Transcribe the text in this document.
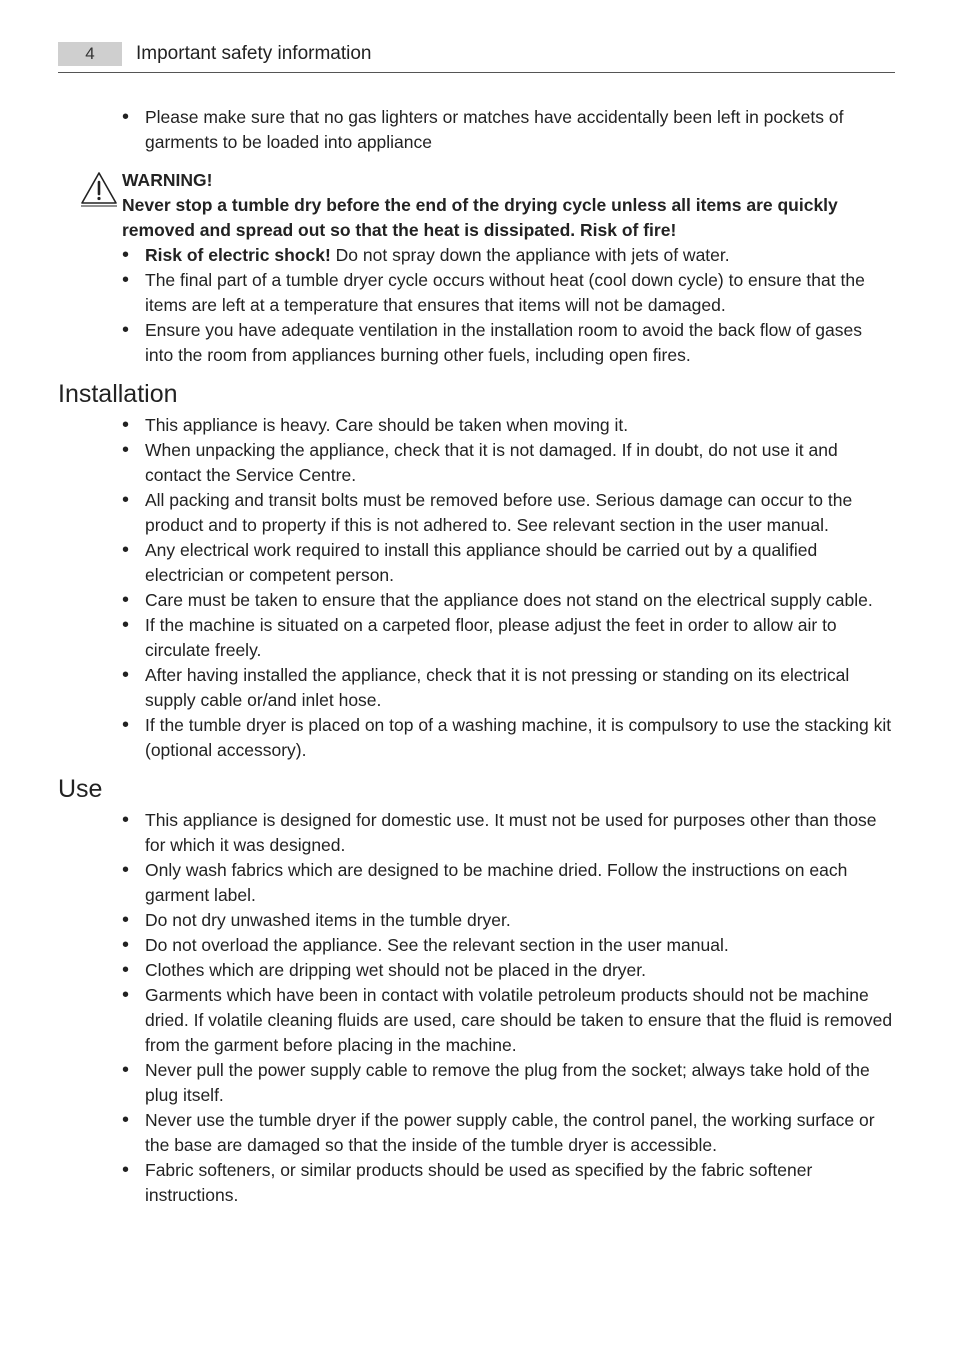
4	Important safety information
• Please make sure that no gas lighters or matches have accidentally been left in pockets of garments to be loaded into appliance
WARNING!
Never stop a tumble dry before the end of the drying cycle unless all items are quickly removed and spread out so that the heat is dissipated. Risk of fire!
• Risk of electric shock! Do not spray down the appliance with jets of water.
• The final part of a tumble dryer cycle occurs without heat (cool down cycle) to ensure that the items are left at a temperature that ensures that items will not be damaged.
• Ensure you have adequate ventilation in the installation room to avoid the back flow of gases into the room from appliances burning other fuels, including open fires.
Installation
• This appliance is heavy. Care should be taken when moving it.
• When unpacking the appliance, check that it is not damaged. If in doubt, do not use it and contact the Service Centre.
• All packing and transit bolts must be removed before use. Serious damage can occur to the product and to property if this is not adhered to. See relevant section in the user manual.
• Any electrical work required to install this appliance should be carried out by a qualified electrician or competent person.
• Care must be taken to ensure that the appliance does not stand on the electrical supply cable.
• If the machine is situated on a carpeted floor, please adjust the feet in order to allow air to circulate freely.
• After having installed the appliance, check that it is not pressing or standing on its electrical supply cable or/and inlet hose.
• If the tumble dryer is placed on top of a washing machine, it is compulsory to use the stacking kit (optional accessory).
Use
• This appliance is designed for domestic use. It must not be used for purposes other than those for which it was designed.
• Only wash fabrics which are designed to be machine dried. Follow the instructions on each garment label.
• Do not dry unwashed items in the tumble dryer.
• Do not overload the appliance. See the relevant section in the user manual.
• Clothes which are dripping wet should not be placed in the dryer.
• Garments which have been in contact with volatile petroleum products should not be machine dried. If volatile cleaning fluids are used, care should be taken to ensure that the fluid is removed from the garment before placing in the machine.
• Never pull the power supply cable to remove the plug from the socket; always take hold of the plug itself.
• Never use the tumble dryer if the power supply cable, the control panel, the working surface or the base are damaged so that the inside of the tumble dryer is accessible.
• Fabric softeners, or similar products should be used as specified by the fabric softener instructions.
